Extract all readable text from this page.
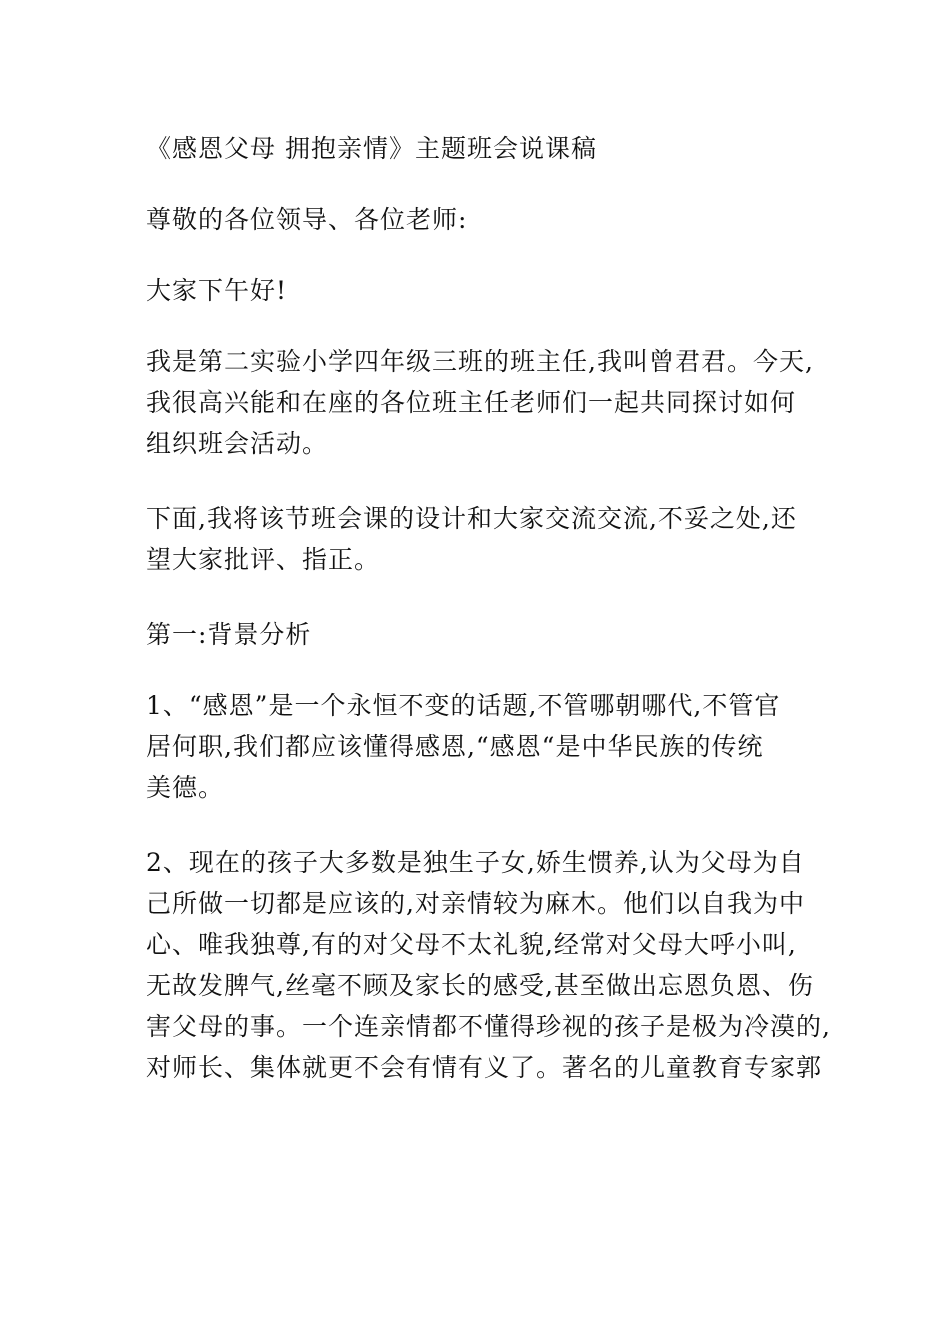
《感恩父母 拥抱亲情》主题班会说课稿

尊敬的各位领导、各位老师:

大家下午好!

我是第二实验小学四年级三班的班主任,我叫曾君君。今天,
我很高兴能和在座的各位班主任老师们一起共同探讨如何
组织班会活动。

下面,我将该节班会课的设计和大家交流交流,不妥之处,还
望大家批评、指正。

第一:背景分析

1、“感恩”是一个永恒不变的话题,不管哪朝哪代,不管官
居何职,我们都应该懂得感恩,“感恩“是中华民族的传统
美德。

2、现在的孩子大多数是独生子女,娇生惯养,认为父母为自
己所做一切都是应该的,对亲情较为麻木。他们以自我为中
心、唯我独尊,有的对父母不太礼貌,经常对父母大呼小叫,
无故发脾气,丝毫不顾及家长的感受,甚至做出忘恩负恩、伤
害父母的事。一个连亲情都不懂得珍视的孩子是极为冷漠的,
对师长、集体就更不会有情有义了。著名的儿童教育专家郭
